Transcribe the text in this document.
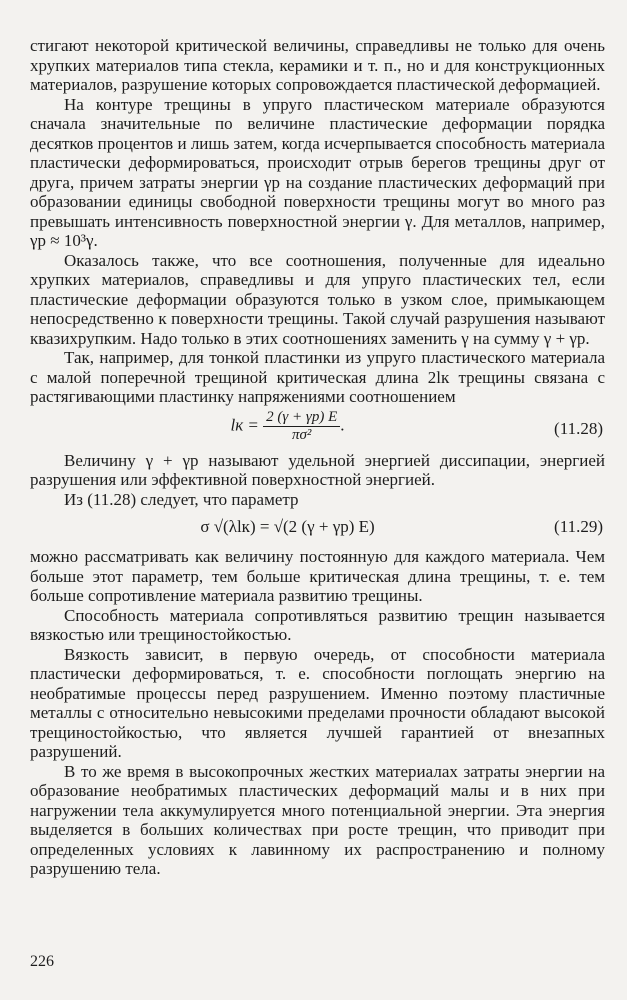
стигают некоторой критической величины, справедливы не только для очень хрупких материалов типа стекла, керамики и т. п., но и для конструкционных материалов, разрушение которых сопровождается пластической деформацией.

На контуре трещины в упруго пластическом материале образуются сначала значительные по величине пластические деформации порядка десятков процентов и лишь затем, когда исчерпывается способность материала пластически деформироваться, происходит отрыв берегов трещины друг от друга, причем затраты энергии γр на создание пластических деформаций при образовании единицы свободной поверхности трещины могут во много раз превышать интенсивность поверхностной энергии γ. Для металлов, например, γр ≈ 10³γ.

Оказалось также, что все соотношения, полученные для идеально хрупких материалов, справедливы и для упруго пластических тел, если пластические деформации образуются только в узком слое, примыкающем непосредственно к поверхности трещины. Такой случай разрушения называют квазихрупким. Надо только в этих соотношениях заменить γ на сумму γ + γр.

Так, например, для тонкой пластинки из упруго пластического материала с малой поперечной трещиной критическая длина 2lк трещины связана с растягивающими пластинку напряжениями соотношением

lк = $\frac{2 (\gamma + \gamma р) E}{\text{πσ²}}$ .	(11.28)

Величину γ + γр называют удельной энергией диссипации, энергией разрушения или эффективной поверхностной энергией.

Из (11.28) следует, что параметр

σ √(λlк) = √(2 (γ + γр) E)	(11.29)

можно рассматривать как величину постоянную для каждого материала. Чем больше этот параметр, тем больше критическая длина трещины, т. е. тем больше сопротивление материала развитию трещины.

Способность материала сопротивляться развитию трещин называется вязкостью или трещиностойкостью.

Вязкость зависит, в первую очередь, от способности материала пластически деформироваться, т. е. способности поглощать энергию на необратимые процессы перед разрушением. Именно поэтому пластичные металлы с относительно невысокими пределами прочности обладают высокой трещиностойкостью, что является лучшей гарантией от внезапных разрушений.

В то же время в высокопрочных жестких материалах затраты энергии на образование необратимых пластических деформаций малы и в них при нагружении тела аккумулируется много потенциальной энергии. Эта энергия выделяется в больших количествах при росте трещин, что приводит при определенных условиях к лавинному их распространению и полному разрушению тела.

226
